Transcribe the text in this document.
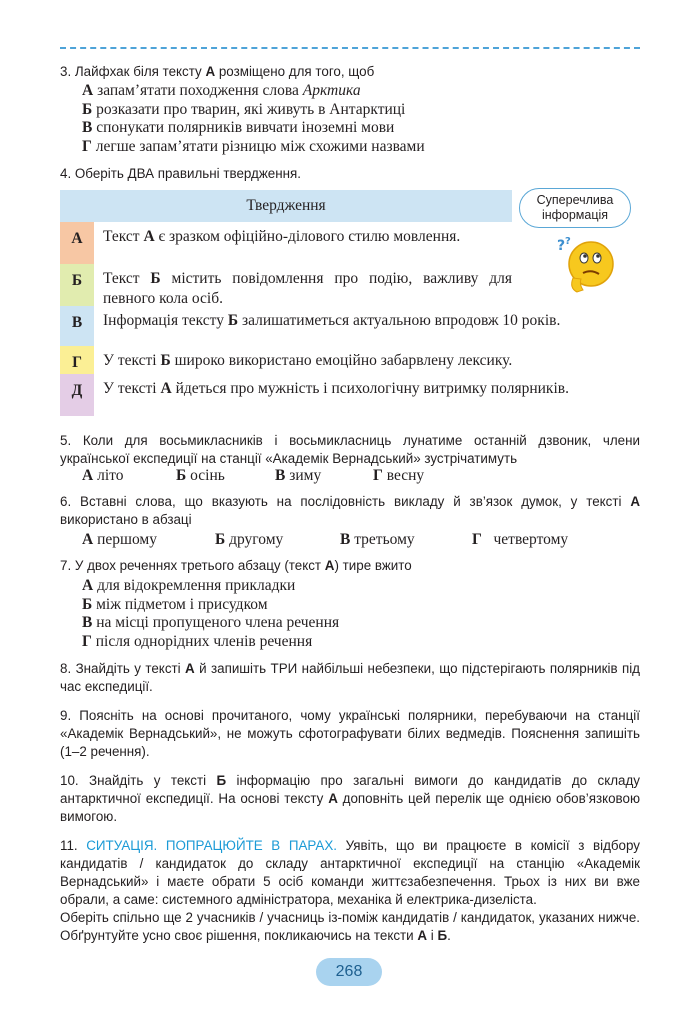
3. Лайфхак біля тексту А розміщено для того, щоб
А запам’ятати походження слова Арктика
Б розказати про тварин, які живуть в Антарктиці
В спонукати полярників вивчати іноземні мови
Г легше запам’ятати різницю між схожими назвами
4. Оберіть ДВА правильні твердження.
Твердження
А	Текст А є зразком офіційно-ділового стилю мовлення.
Б	Текст Б містить повідомлення про подію, важливу для певного кола осіб.
В	Інформація тексту Б залишатиметься актуальною впродовж 10 років.
Г	У тексті Б широко використано емоційно забарвлену лексику.
Д	У тексті А йдеться про мужність і психологічну витримку полярників.
Суперечлива інформація
? ?
5. Коли для восьмикласників і восьмикласниць лунатиме останній дзвоник, члени української експедиції на станції «Академік Вернадський» зустрічатимуть
А літо	Б осінь	В зиму	Г весну
6. Вставні слова, що вказують на послідовність викладу й зв’язок думок, у тексті А використано в абзаці
А першому	Б другому	В третьому	Г четвертому
7. У двох реченнях третього абзацу (текст А) тире вжито
А для відокремлення прикладки
Б між підметом і присудком
В на місці пропущеного члена речення
Г після однорідних членів речення
8. Знайдіть у тексті А й запишіть ТРИ найбільші небезпеки, що підстерігають полярників під час експедиції.
9. Поясніть на основі прочитаного, чому українські полярники, перебуваючи на станції «Академік Вернадський», не можуть сфотографувати білих ведмедів. Пояснення запишіть (1–2 речення).
10. Знайдіть у тексті Б інформацію про загальні вимоги до кандидатів до складу антарктичної експедиції. На основі тексту А доповніть цей перелік ще однією обов’язковою вимогою.
11. СИТУАЦІЯ. ПОПРАЦЮЙТЕ В ПАРАХ. Уявіть, що ви працюєте в комісії з відбору кандидатів / кандидаток до складу антарктичної експедиції на станцію «Академік Вернадський» і маєте обрати 5 осіб команди життєзабезпечення. Трьох із них ви вже обрали, а саме: системного адміністратора, механіка й електрика-дизеліста.
Оберіть спільно ще 2 учасників / учасниць із-поміж кандидатів / кандидаток, указаних нижче. Обґрунтуйте усно своє рішення, покликаючись на тексти А і Б.
268
